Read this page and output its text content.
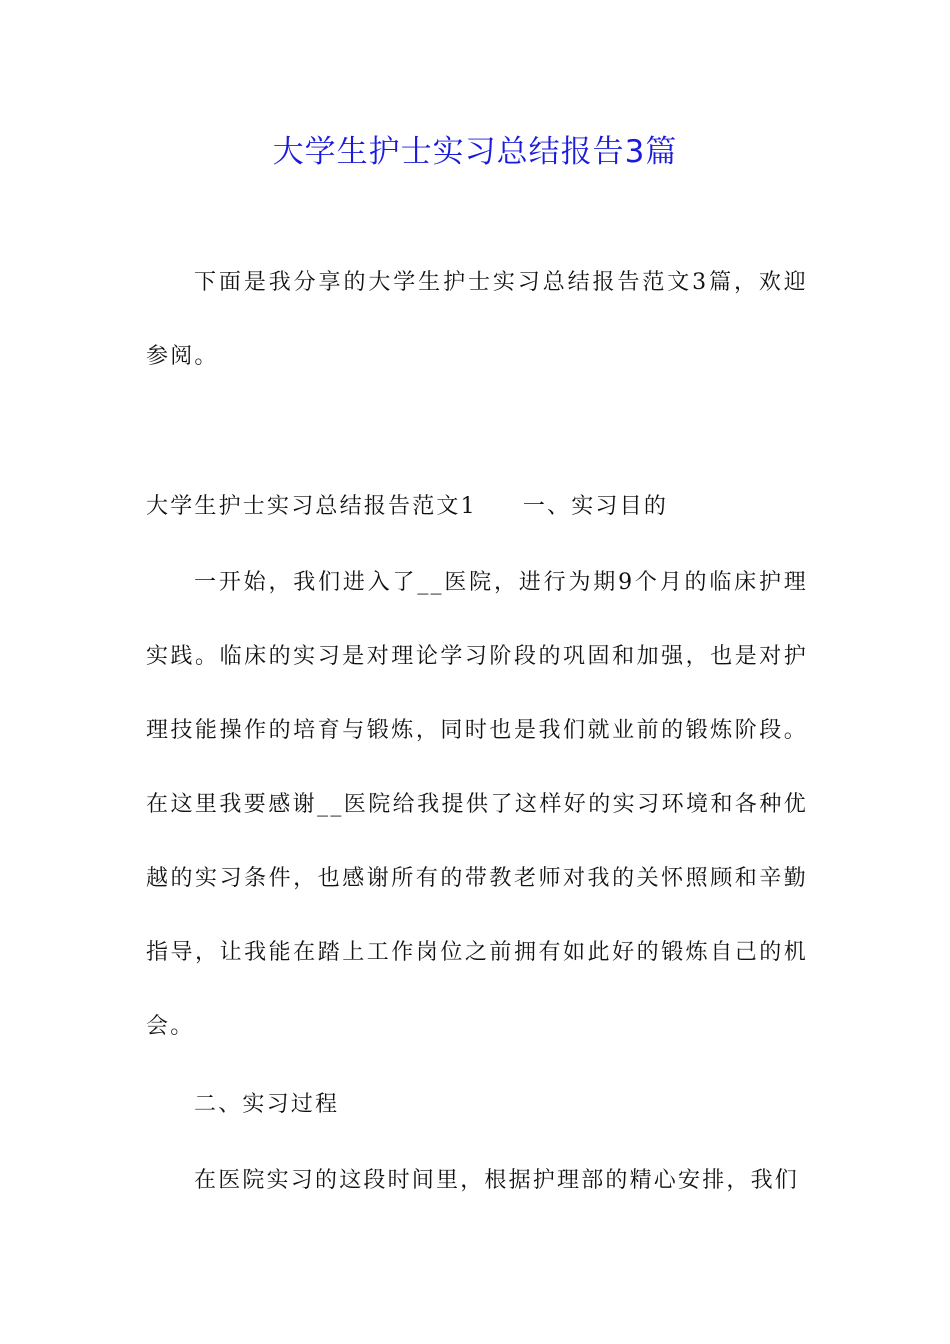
大学生护士实习总结报告3篇

下面是我分享的大学生护士实习总结报告范文3篇，欢迎参阅。

大学生护士实习总结报告范文1 一、实习目的

一开始，我们进入了__医院，进行为期9个月的临床护理实践。临床的实习是对理论学习阶段的巩固和加强，也是对护理技能操作的培育与锻炼，同时也是我们就业前的锻炼阶段。在这里我要感谢__医院给我提供了这样好的实习环境和各种优越的实习条件，也感谢所有的带教老师对我的关怀照顾和辛勤指导，让我能在踏上工作岗位之前拥有如此好的锻炼自己的机会。

二、实习过程

在医院实习的这段时间里，根据护理部的精心安排，我们
